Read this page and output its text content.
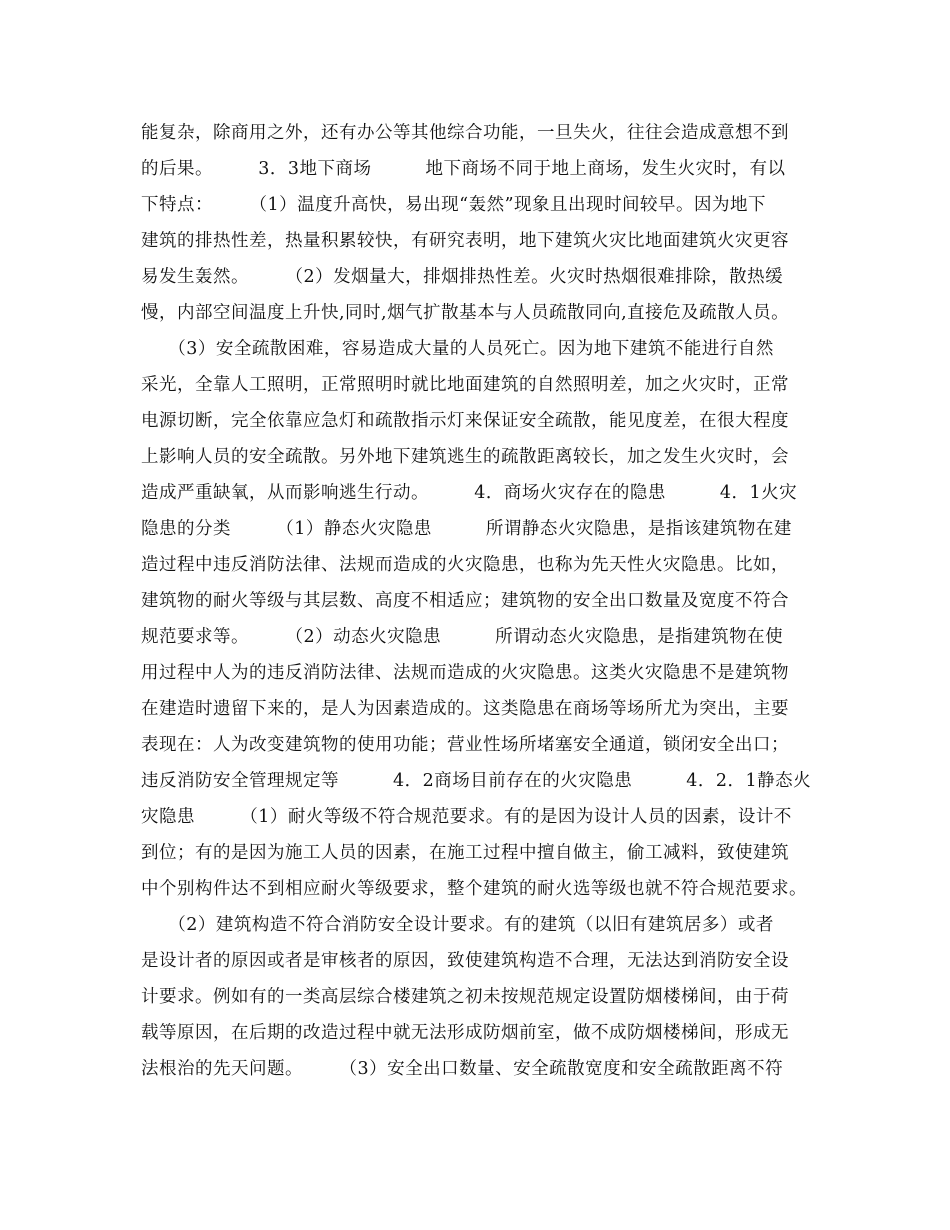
能复杂，除商用之外，还有办公等其他综合功能，一旦失火，往往会造成意想不到
的后果。　　　3．3地下商场　　　地下商场不同于地上商场，发生火灾时，有以
下特点：　　　（1）温度升高快，易出现“轰然”现象且出现时间较早。因为地下
建筑的排热性差，热量积累较快，有研究表明，地下建筑火灾比地面建筑火灾更容
易发生轰然。　　　（2）发烟量大，排烟排热性差。火灾时热烟很难排除，散热缓
慢，内部空间温度上升快,同时,烟气扩散基本与人员疏散同向,直接危及疏散人员。
　　（3）安全疏散困难，容易造成大量的人员死亡。因为地下建筑不能进行自然
采光，全靠人工照明，正常照明时就比地面建筑的自然照明差，加之火灾时，正常
电源切断，完全依靠应急灯和疏散指示灯来保证安全疏散，能见度差，在很大程度
上影响人员的安全疏散。另外地下建筑逃生的疏散距离较长，加之发生火灾时，会
造成严重缺氧，从而影响逃生行动。　　　4．商场火灾存在的隐患　　　4．1火灾
隐患的分类　　　（1）静态火灾隐患　　　所谓静态火灾隐患，是指该建筑物在建
造过程中违反消防法律、法规而造成的火灾隐患，也称为先天性火灾隐患。比如，
建筑物的耐火等级与其层数、高度不相适应；建筑物的安全出口数量及宽度不符合
规范要求等。　　　（2）动态火灾隐患　　　所谓动态火灾隐患，是指建筑物在使
用过程中人为的违反消防法律、法规而造成的火灾隐患。这类火灾隐患不是建筑物
在建造时遗留下来的，是人为因素造成的。这类隐患在商场等场所尤为突出，主要
表现在：人为改变建筑物的使用功能；营业性场所堵塞安全通道，锁闭安全出口；
违反消防安全管理规定等　　　4．2商场目前存在的火灾隐患　　　4．2．1静态火
灾隐患　　　（1）耐火等级不符合规范要求。有的是因为设计人员的因素，设计不
到位；有的是因为施工人员的因素，在施工过程中擅自做主，偷工减料，致使建筑
中个别构件达不到相应耐火等级要求，整个建筑的耐火选等级也就不符合规范要求。
　　（2）建筑构造不符合消防安全设计要求。有的建筑（以旧有建筑居多）或者
是设计者的原因或者是审核者的原因，致使建筑构造不合理，无法达到消防安全设
计要求。例如有的一类高层综合楼建筑之初未按规范规定设置防烟楼梯间，由于荷
载等原因，在后期的改造过程中就无法形成防烟前室，做不成防烟楼梯间，形成无
法根治的先天问题。　　　（3）安全出口数量、安全疏散宽度和安全疏散距离不符
